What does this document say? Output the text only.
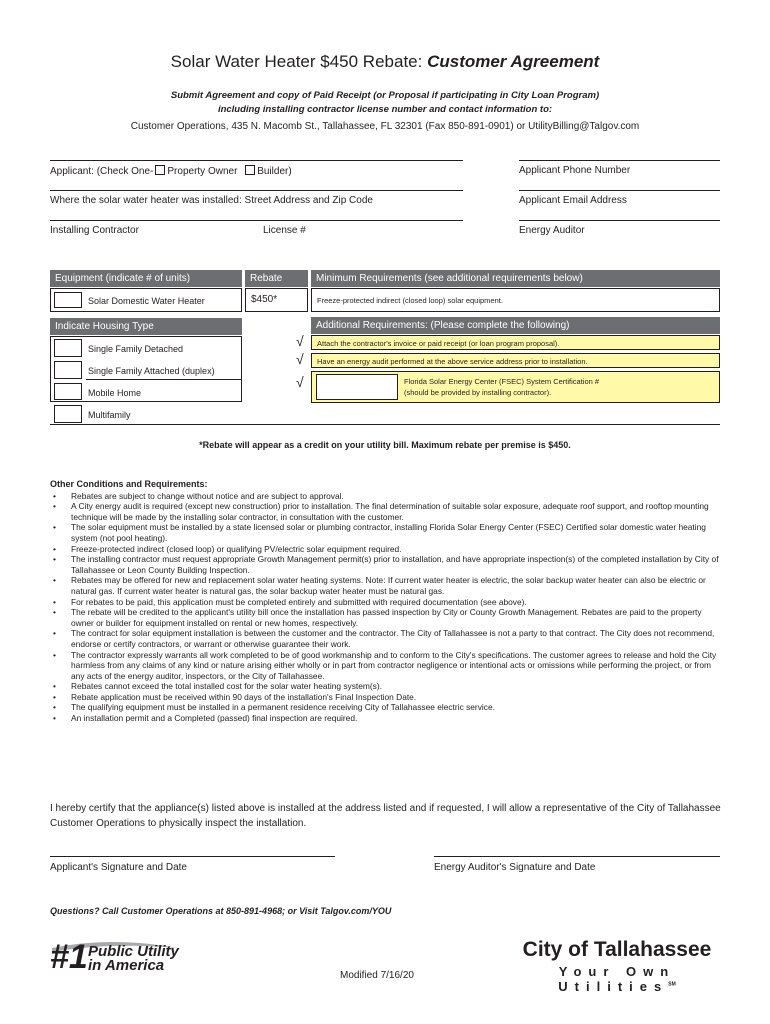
Solar Water Heater $450 Rebate: Customer Agreement
Submit Agreement and copy of Paid Receipt (or Proposal if participating in City Loan Program)
including installing contractor license number and contact information to:
Customer Operations, 435 N. Macomb St., Tallahassee, FL 32301 (Fax 850-891-0901) or UtilityBilling@Talgov.com
Applicant: (Check One- Property Owner Builder)	Applicant Phone Number
Where the solar water heater was installed: Street Address and Zip Code	Applicant Email Address
Installing Contractor	License #	Energy Auditor
Equipment (indicate # of units)	Rebate	Minimum Requirements (see additional requirements below)
Solar Domestic Water Heater	$450*	Freeze-protected indirect (closed loop) solar equipment.
Indicate Housing Type
Single Family Detached
Single Family Attached (duplex)
Mobile Home
Multifamily
Additional Requirements: (Please complete the following)
√ Attach the contractor's invoice or paid receipt (or loan program proposal).
√ Have an energy audit performed at the above service address prior to installation.
√	Florida Solar Energy Center (FSEC) System Certification #
(should be provided by installing contractor).
*Rebate will appear as a credit on your utility bill. Maximum rebate per premise is $450.
Other Conditions and Requirements:
• Rebates are subject to change without notice and are subject to approval.
• A City energy audit is required (except new construction) prior to installation. The final determination of suitable solar exposure, adequate roof support, and rooftop mounting technique will be made by the installing solar contractor, in consultation with the customer.
• The solar equipment must be installed by a state licensed solar or plumbing contractor, installing Florida Solar Energy Center (FSEC) Certified solar domestic water heating system (not pool heating).
• Freeze-protected indirect (closed loop) or qualifying PV/electric solar equipment required.
• The installing contractor must request appropriate Growth Management permit(s) prior to installation, and have appropriate inspection(s) of the completed installation by City of Tallahassee or Leon County Building Inspection.
• Rebates may be offered for new and replacement solar water heating systems. Note: If current water heater is electric, the solar backup water heater can also be electric or natural gas. If current water heater is natural gas, the solar backup water heater must be natural gas.
• For rebates to be paid, this application must be completed entirely and submitted with required documentation (see above).
• The rebate will be credited to the applicant's utility bill once the installation has passed inspection by City or County Growth Management. Rebates are paid to the property owner or builder for equipment installed on rental or new homes, respectively.
• The contract for solar equipment installation is between the customer and the contractor. The City of Tallahassee is not a party to that contract. The City does not recommend, endorse or certify contractors, or warrant or otherwise guarantee their work.
• The contractor expressly warrants all work completed to be of good workmanship and to conform to the City's specifications. The customer agrees to release and hold the City harmless from any claims of any kind or nature arising either wholly or in part from contractor negligence or intentional acts or omissions while performing the project, or from any acts of the energy auditor, inspectors, or the City of Tallahassee.
• Rebates cannot exceed the total installed cost for the solar water heating system(s).
• Rebate application must be received within 90 days of the installation's Final Inspection Date.
• The qualifying equipment must be installed in a permanent residence receiving City of Tallahassee electric service.
• An installation permit and a Completed (passed) final inspection are required.
I hereby certify that the appliance(s) listed above is installed at the address listed and if requested, I will allow a representative of the City of Tallahassee Customer Operations to physically inspect the installation.
Applicant's Signature and Date	Energy Auditor's Signature and Date
Questions? Call Customer Operations at 850-891-4968; or Visit Talgov.com/YOU
#1 Public Utility
in America
City of Tallahassee
Your Own Utilities℠
Modified 7/16/20
